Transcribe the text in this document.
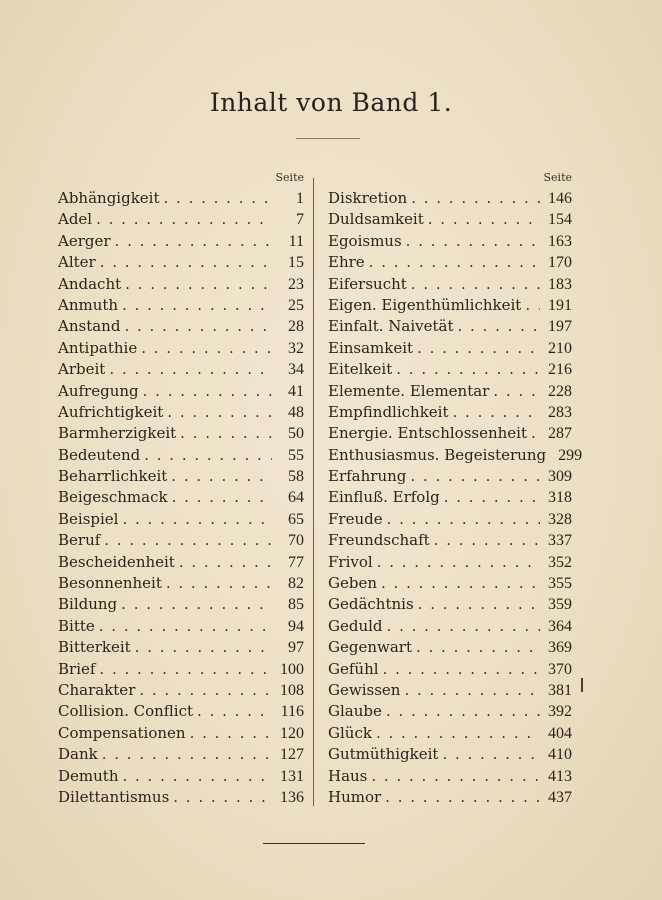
Inhalt von Band 1.
Seite
Abhängigkeit . . .	1
Adel . . .	7
Aerger . . .	11
Alter . . .	15
Andacht . . .	23
Anmuth . . .	25
Anstand . . .	28
Antipathie . . .	32
Arbeit . . .	34
Aufregung . . .	41
Aufrichtigkeit . . .	48
Barmherzigkeit . . .	50
Bedeutend . . .	55
Beharrlichkeit . . .	58
Beigeschmack . . .	64
Beispiel . . .	65
Beruf . . .	70
Bescheidenheit . . .	77
Besonnenheit . . .	82
Bildung . . .	85
Bitte . . .	94
Bitterkeit . . .	97
Brief . . .	100
Charakter . . .	108
Collision. Conflict . . .	116
Compensationen . . .	120
Dank . . .	127
Demuth . . .	131
Dilettantismus . . .	136
Seite
Diskretion . . .	146
Duldsamkeit . . .	154
Egoismus . . .	163
Ehre . . .	170
Eifersucht . . .	183
Eigen. Eigenthümlichkeit . . . 191
Einfalt. Naivetät . . .	197
Einsamkeit . . .	210
Eitelkeit . . .	216
Elemente. Elementar . . .	228
Empfindlichkeit . . .	283
Energie. Entschlossenheit . . . 287
Enthusiasmus. Begeisterung 299
Erfahrung . . .	309
Einfluß. Erfolg . . .	318
Freude . . .	328
Freundschaft . . .	337
Frivol . . .	352
Geben . . .	355
Gedächtnis . . .	359
Geduld . . .	364
Gegenwart . . .	369
Gefühl . . .	370
Gewissen . . .	381
Glaube . . .	392
Glück . . .	404
Gutmüthigkeit . . .	410
Haus . . .	413
Humor . . .	437
